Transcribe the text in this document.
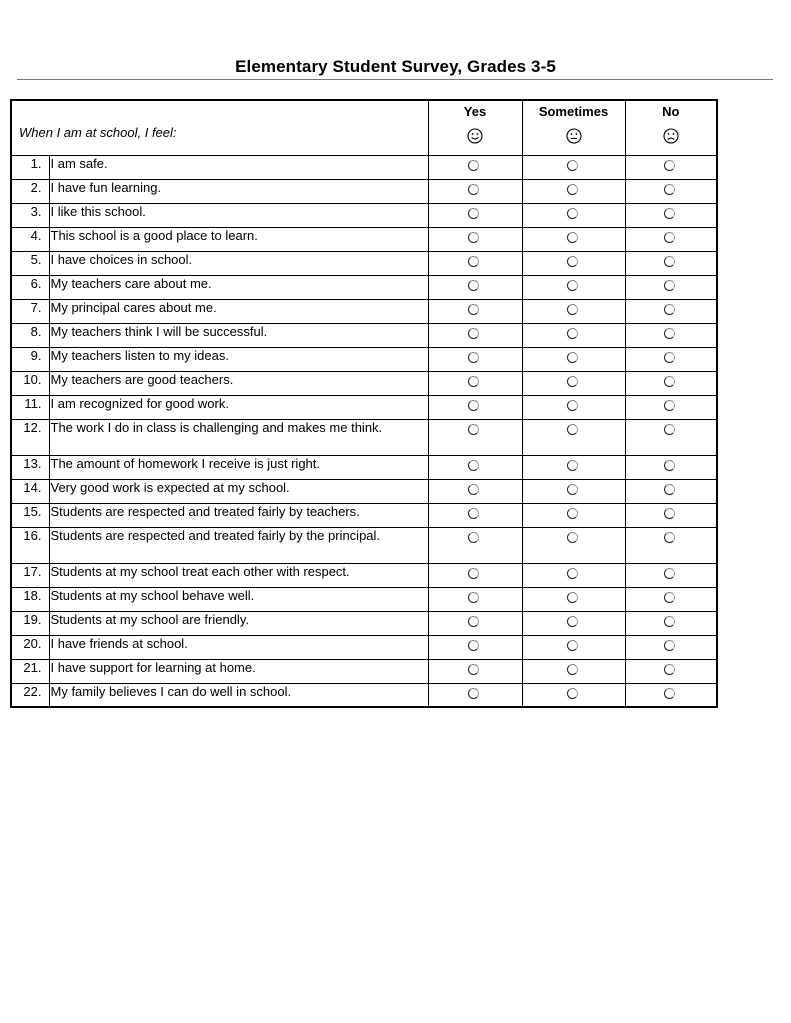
Elementary Student Survey, Grades 3-5
When I am at school, I feel:		Yes	Sometimes	No

1.	I am safe.			
2.	I have fun learning.			
3.	I like this school.			
4.	This school is a good place to learn.			
5.	I have choices in school.			
6.	My teachers care about me.			
7.	My principal cares about me.			
8.	My teachers think I will be successful.			
9.	My teachers listen to my ideas.			
10.	My teachers are good teachers.			
11.	I am recognized for good work.			
12.	The work I do in class is challenging and makes me think.			
13.	The amount of homework I receive is just right.			
14.	Very good work is expected at my school.			
15.	Students are respected and treated fairly by teachers.			
16.	Students are respected and treated fairly by the principal.			
17.	Students at my school treat each other with respect.			
18.	Students at my school behave well.			
19.	Students at my school are friendly.			
20.	I have friends at school.			
21.	I have support for learning at home.			
22.	My family believes I can do well in school.			
